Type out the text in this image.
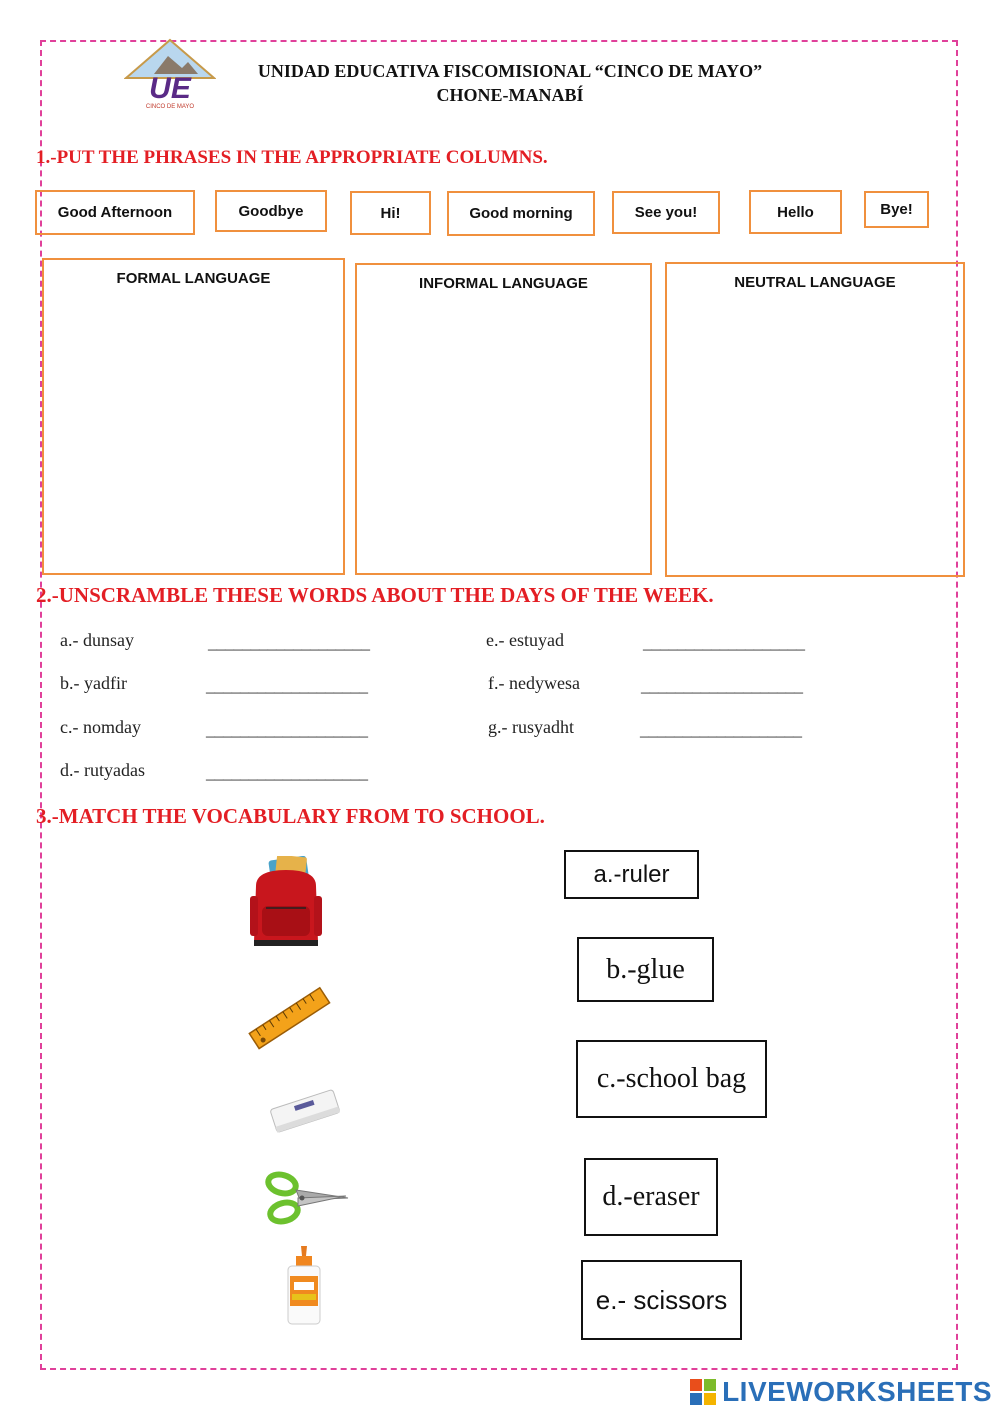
UE
CINCO DE MAYO
UNIDAD EDUCATIVA FISCOMISIONAL “CINCO DE MAYO”
CHONE-MANABÍ
1.-PUT THE PHRASES IN THE APPROPRIATE COLUMNS.
Good Afternoon	Goodbye	Hi!	Good morning	See you!	Hello	Bye!
FORMAL LANGUAGE	INFORMAL LANGUAGE	NEUTRAL LANGUAGE
2.-UNSCRAMBLE THESE WORDS ABOUT THE DAYS OF THE WEEK.
a.- dunsay	___________________
b.- yadfir	___________________
c.- nomday	___________________
d.- rutyadas	___________________
e.- estuyad	___________________
f.- nedywesa	___________________
g.- rusyadht	___________________
3.-MATCH THE VOCABULARY FROM TO SCHOOL.
a.-ruler
b.-glue
c.-school bag
d.-eraser
e.- scissors
LIVEWORKSHEETS
